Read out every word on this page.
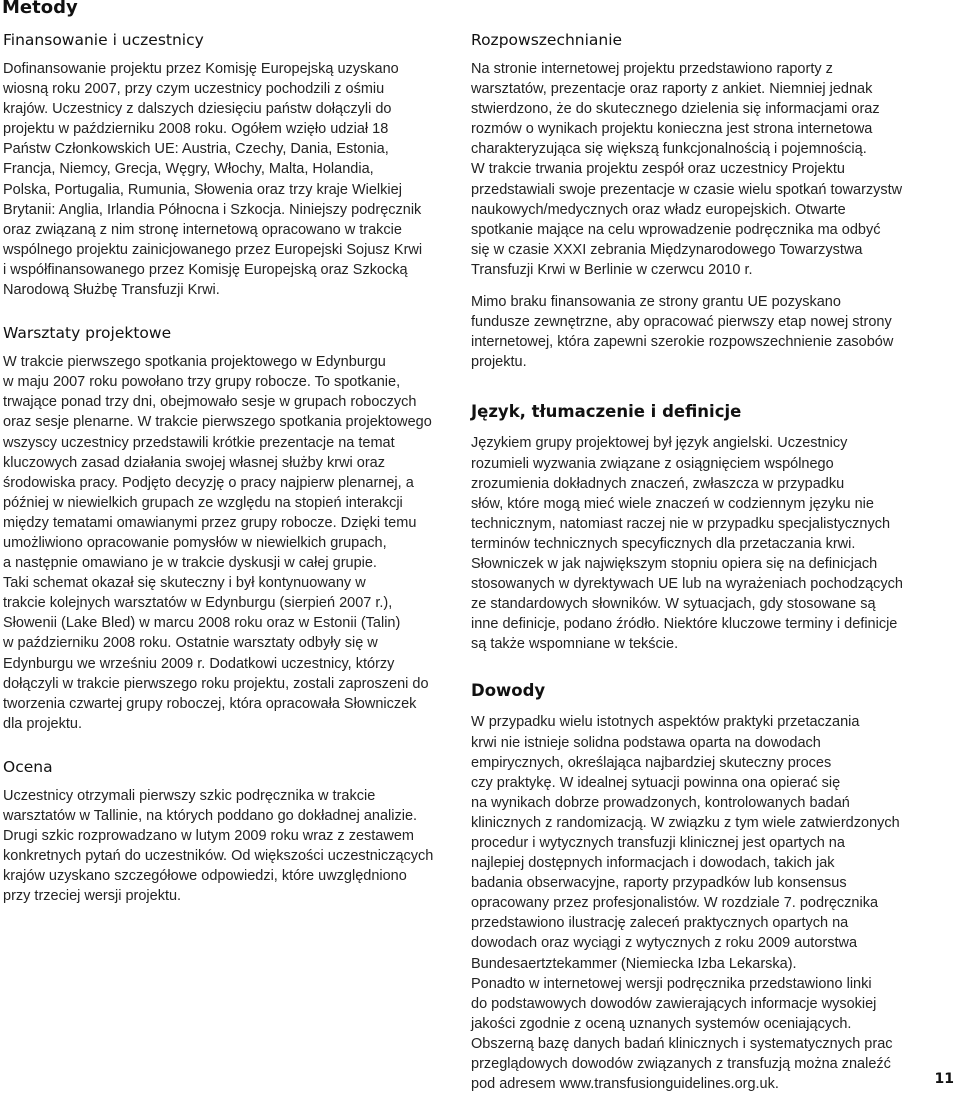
Metody
Finansowanie i uczestnicy

Dofinansowanie projektu przez Komisję Europejską uzyskano
wiosną roku 2007, przy czym uczestnicy pochodzili z ośmiu
krajów. Uczestnicy z dalszych dziesięciu państw dołączyli do
projektu w październiku 2008 roku. Ogółem wzięło udział 18
Państw Członkowskich UE: Austria, Czechy, Dania, Estonia,
Francja, Niemcy, Grecja, Węgry, Włochy, Malta, Holandia,
Polska, Portugalia, Rumunia, Słowenia oraz trzy kraje Wielkiej
Brytanii: Anglia, Irlandia Północna i Szkocja. Niniejszy podręcznik
oraz związaną z nim stronę internetową opracowano w trakcie
wspólnego projektu zainicjowanego przez Europejski Sojusz Krwi
i współfinansowanego przez Komisję Europejską oraz Szkocką
Narodową Służbę Transfuzji Krwi.

Warsztaty projektowe

W trakcie pierwszego spotkania projektowego w Edynburgu
w maju 2007 roku powołano trzy grupy robocze. To spotkanie,
trwające ponad trzy dni, obejmowało sesje w grupach roboczych
oraz sesje plenarne. W trakcie pierwszego spotkania projektowego
wszyscy uczestnicy przedstawili krótkie prezentacje na temat
kluczowych zasad działania swojej własnej służby krwi oraz
środowiska pracy. Podjęto decyzję o pracy najpierw plenarnej, a
później w niewielkich grupach ze względu na stopień interakcji
między tematami omawianymi przez grupy robocze. Dzięki temu
umożliwiono opracowanie pomysłów w niewielkich grupach,
a następnie omawiano je w trakcie dyskusji w całej grupie.
Taki schemat okazał się skuteczny i był kontynuowany w
trakcie kolejnych warsztatów w Edynburgu (sierpień 2007 r.),
Słowenii (Lake Bled) w marcu 2008 roku oraz w Estonii (Talin)
w październiku 2008 roku. Ostatnie warsztaty odbyły się w
Edynburgu we wrześniu 2009 r. Dodatkowi uczestnicy, którzy
dołączyli w trakcie pierwszego roku projektu, zostali zaproszeni do
tworzenia czwartej grupy roboczej, która opracowała Słowniczek
dla projektu.

Ocena

Uczestnicy otrzymali pierwszy szkic podręcznika w trakcie
warsztatów w Tallinie, na których poddano go dokładnej analizie.
Drugi szkic rozprowadzano w lutym 2009 roku wraz z zestawem
konkretnych pytań do uczestników. Od większości uczestniczących
krajów uzyskano szczegółowe odpowiedzi, które uwzględniono
przy trzeciej wersji projektu.

Rozpowszechnianie

Na stronie internetowej projektu przedstawiono raporty z
warsztatów, prezentacje oraz raporty z ankiet. Niemniej jednak
stwierdzono, że do skutecznego dzielenia się informacjami oraz
rozmów o wynikach projektu konieczna jest strona internetowa
charakteryzująca się większą funkcjonalnością i pojemnością.
W trakcie trwania projektu zespół oraz uczestnicy Projektu
przedstawiali swoje prezentacje w czasie wielu spotkań towarzystw
naukowych/medycznych oraz władz europejskich. Otwarte
spotkanie mające na celu wprowadzenie podręcznika ma odbyć
się w czasie XXXI zebrania Międzynarodowego Towarzystwa
Transfuzji Krwi w Berlinie w czerwcu 2010 r.

Mimo braku finansowania ze strony grantu UE pozyskano
fundusze zewnętrzne, aby opracować pierwszy etap nowej strony
internetowej, która zapewni szerokie rozpowszechnienie zasobów
projektu.

Język, tłumaczenie i definicje

Językiem grupy projektowej był język angielski. Uczestnicy
rozumieli wyzwania związane z osiągnięciem wspólnego
zrozumienia dokładnych znaczeń, zwłaszcza w przypadku
słów, które mogą mieć wiele znaczeń w codziennym języku nie
technicznym, natomiast raczej nie w przypadku specjalistycznych
terminów technicznych specyficznych dla przetaczania krwi.
Słowniczek w jak największym stopniu opiera się na definicjach
stosowanych w dyrektywach UE lub na wyrażeniach pochodzących
ze standardowych słowników. W sytuacjach, gdy stosowane są
inne definicje, podano źródło. Niektóre kluczowe terminy i definicje
są także wspomniane w tekście.

Dowody

W przypadku wielu istotnych aspektów praktyki przetaczania
krwi nie istnieje solidna podstawa oparta na dowodach
empirycznych, określająca najbardziej skuteczny proces
czy praktykę. W idealnej sytuacji powinna ona opierać się
na wynikach dobrze prowadzonych, kontrolowanych badań
klinicznych z randomizacją. W związku z tym wiele zatwierdzonych
procedur i wytycznych transfuzji klinicznej jest opartych na
najlepiej dostępnych informacjach i dowodach, takich jak
badania obserwacyjne, raporty przypadków lub konsensus
opracowany przez profesjonalistów. W rozdziale 7. podręcznika
przedstawiono ilustrację zaleceń praktycznych opartych na
dowodach oraz wyciągi z wytycznych z roku 2009 autorstwa
Bundesaertztekammer (Niemiecka Izba Lekarska).
Ponadto w internetowej wersji podręcznika przedstawiono linki
do podstawowych dowodów zawierających informacje wysokiej
jakości zgodnie z oceną uznanych systemów oceniających.
Obszerną bazę danych badań klinicznych i systematycznych prac
przeglądowych dowodów związanych z transfuzją można znaleźć
pod adresem www.transfusionguidelines.org.uk.	11
